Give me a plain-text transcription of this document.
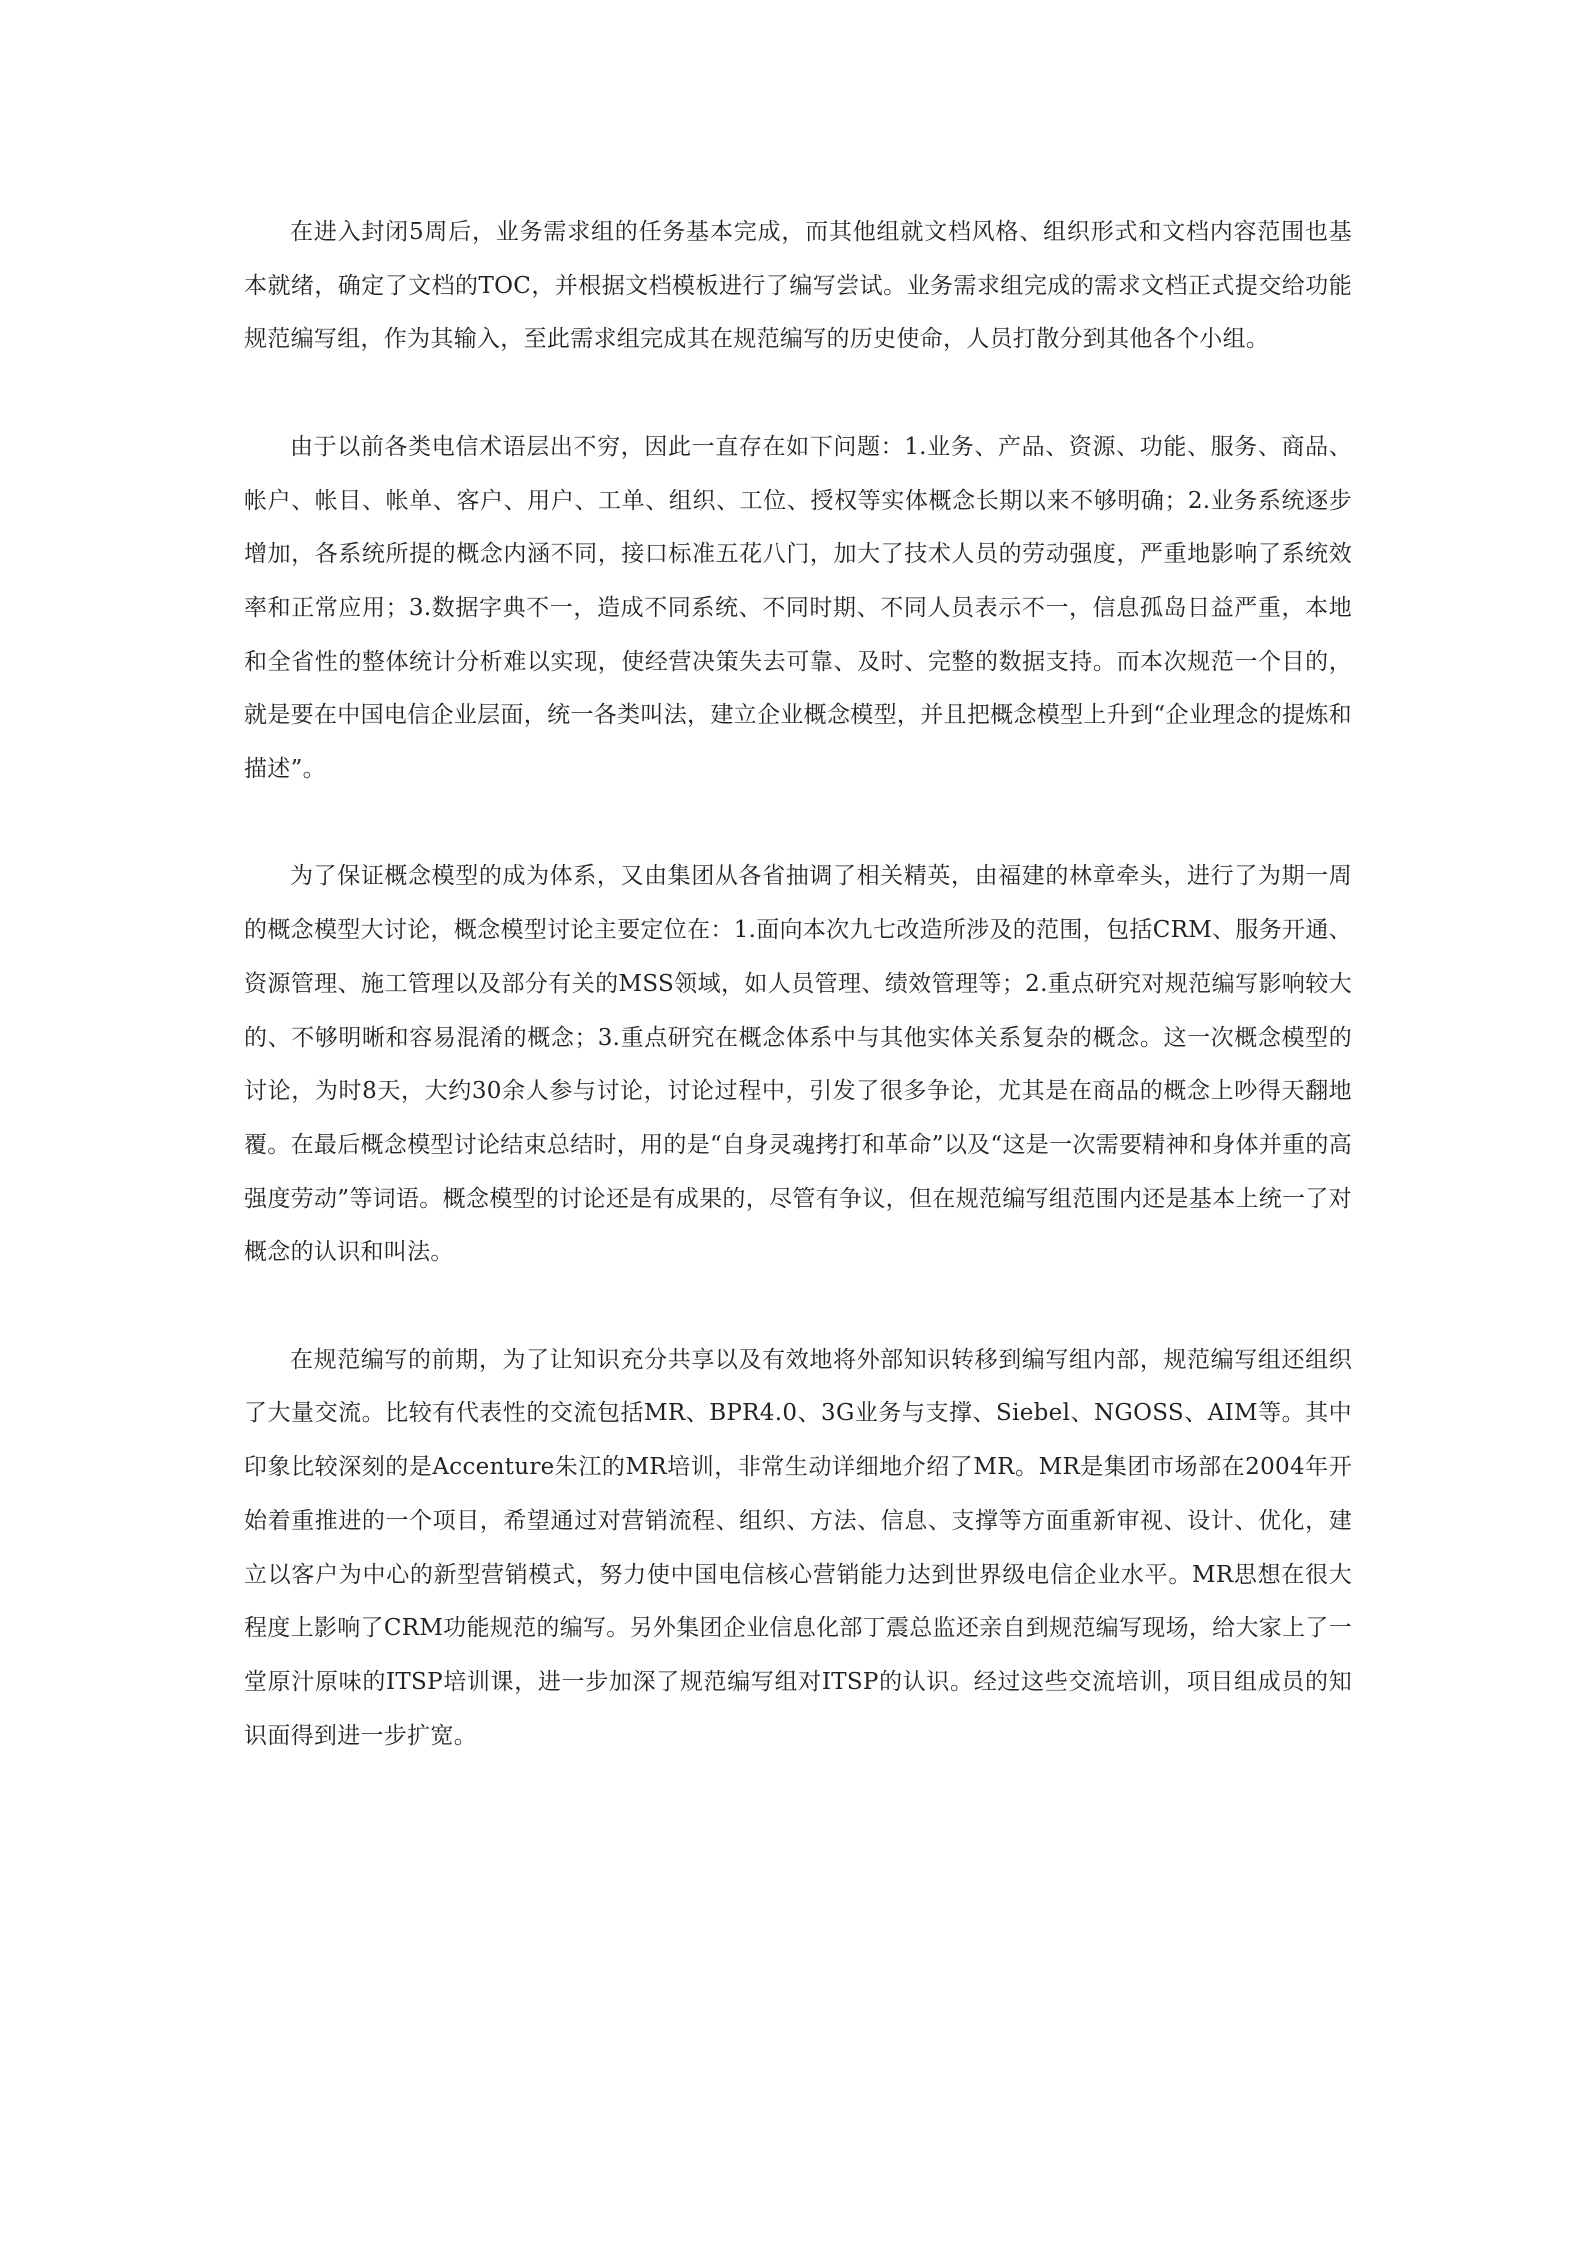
在进入封闭5周后，业务需求组的任务基本完成，而其他组就文档风格、组织形式和文档内容范围也基本就绪，确定了文档的TOC，并根据文档模板进行了编写尝试。业务需求组完成的需求文档正式提交给功能规范编写组，作为其输入，至此需求组完成其在规范编写的历史使命，人员打散分到其他各个小组。

由于以前各类电信术语层出不穷，因此一直存在如下问题：1.业务、产品、资源、功能、服务、商品、帐户、帐目、帐单、客户、用户、工单、组织、工位、授权等实体概念长期以来不够明确；2.业务系统逐步增加，各系统所提的概念内涵不同，接口标准五花八门，加大了技术人员的劳动强度，严重地影响了系统效率和正常应用；3.数据字典不一，造成不同系统、不同时期、不同人员表示不一，信息孤岛日益严重，本地和全省性的整体统计分析难以实现，使经营决策失去可靠、及时、完整的数据支持。而本次规范一个目的，就是要在中国电信企业层面，统一各类叫法，建立企业概念模型，并且把概念模型上升到“企业理念的提炼和描述”。

为了保证概念模型的成为体系，又由集团从各省抽调了相关精英，由福建的林章牵头，进行了为期一周的概念模型大讨论，概念模型讨论主要定位在：1.面向本次九七改造所涉及的范围，包括CRM、服务开通、资源管理、施工管理以及部分有关的MSS领域，如人员管理、绩效管理等；2.重点研究对规范编写影响较大的、不够明晰和容易混淆的概念；3.重点研究在概念体系中与其他实体关系复杂的概念。这一次概念模型的讨论，为时8天，大约30余人参与讨论，讨论过程中，引发了很多争论，尤其是在商品的概念上吵得天翻地覆。在最后概念模型讨论结束总结时，用的是“自身灵魂拷打和革命”以及“这是一次需要精神和身体并重的高强度劳动”等词语。概念模型的讨论还是有成果的，尽管有争议，但在规范编写组范围内还是基本上统一了对概念的认识和叫法。

在规范编写的前期，为了让知识充分共享以及有效地将外部知识转移到编写组内部，规范编写组还组织了大量交流。比较有代表性的交流包括MR、BPR4.0、3G业务与支撑、Siebel、NGOSS、AIM等。其中印象比较深刻的是Accenture朱江的MR培训，非常生动详细地介绍了MR。MR是集团市场部在2004年开始着重推进的一个项目，希望通过对营销流程、组织、方法、信息、支撑等方面重新审视、设计、优化，建立以客户为中心的新型营销模式，努力使中国电信核心营销能力达到世界级电信企业水平。MR思想在很大程度上影响了CRM功能规范的编写。另外集团企业信息化部丁震总监还亲自到规范编写现场，给大家上了一堂原汁原味的ITSP培训课，进一步加深了规范编写组对ITSP的认识。经过这些交流培训，项目组成员的知识面得到进一步扩宽。
